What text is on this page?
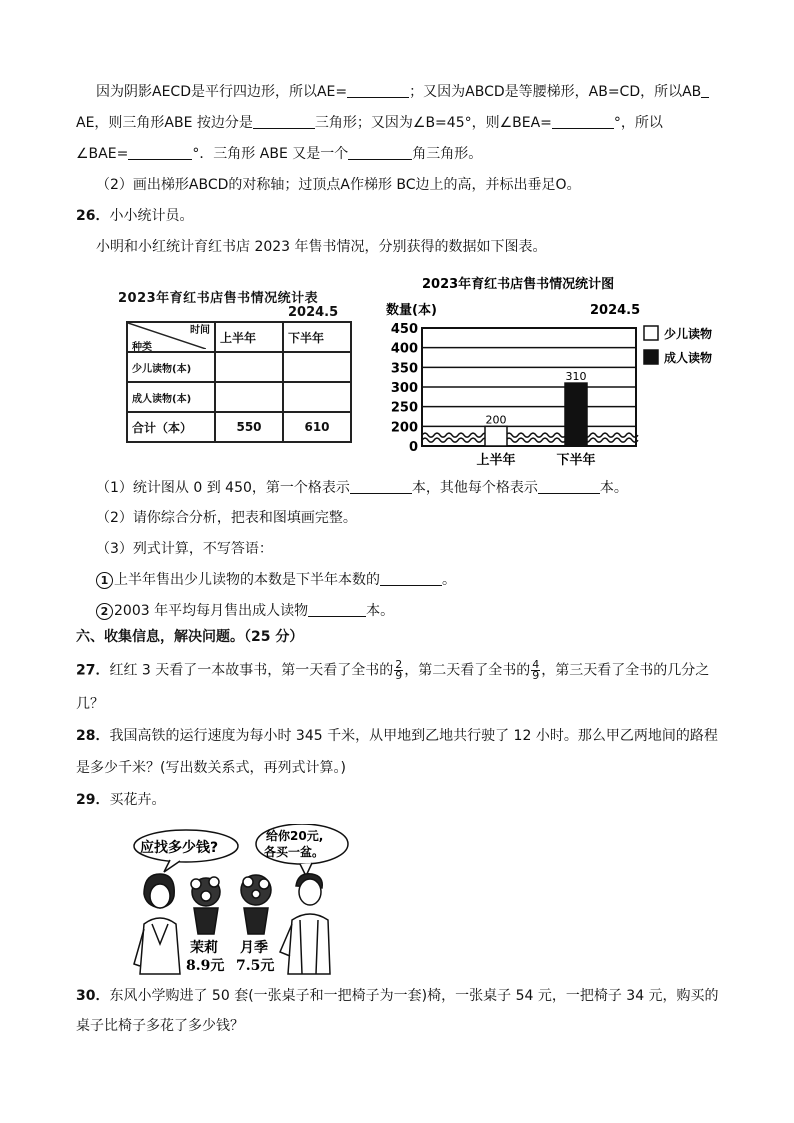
因为阴影AECD是平行四边形，所以AE=	；又因为ABCD是等腰梯形，AB=CD，所以AB
AE，则三角形ABE 按边分是	三角形；又因为∠B=45°，则∠BEA=	°，所以
∠BAE=	°．三角形 ABE 又是一个	角三角形。
（2）画出梯形ABCD的对称轴；过顶点A作梯形 BC边上的高，并标出垂足O。
26．小小统计员。
小明和小红统计育红书店 2023 年售书情况，分别获得的数据如下图表。
2023年育红书店售书情况统计表
2024.5
时间
种类	上半年	下半年
少儿读物(本)		
成人读物(本)		
合计（本）	550	610
2023年育红书店售书情况统计图
数量(本)	2024.5
200
310
450
400
350
300
250
200
0
上半年	下半年
少儿读物
成人读物
（1）统计图从 0 到 450，第一个格表示	本，其他每个格表示	本。
（2）请你综合分析，把表和图填画完整。
（3）列式计算，不写答语：
1 上半年售出少儿读物的本数是下半年本数的	。
2 2003 年平均每月售出成人读物	本。
六、收集信息，解决问题。（25 分）
27．红红 3 天看了一本故事书，第一天看了全书的 $\frac{2}{9}$ ，第二天看了全书的 $\frac{4}{9}$ ，第三天看了全书的几分之
几？
28．我国高铁的运行速度为每小时 345 千米，从甲地到乙地共行驶了 12 小时。那么甲乙两地间的路程
是多少千米？(写出数关系式，再列式计算。)
29．买花卉。
应找多少钱?
给你20元,
各买一盆。
茉莉
8.9元
月季
7.5元
30．东风小学购进了 50 套(一张桌子和一把椅子为一套)椅，一张桌子 54 元，一把椅子 34 元，购买的
桌子比椅子多花了多少钱？
